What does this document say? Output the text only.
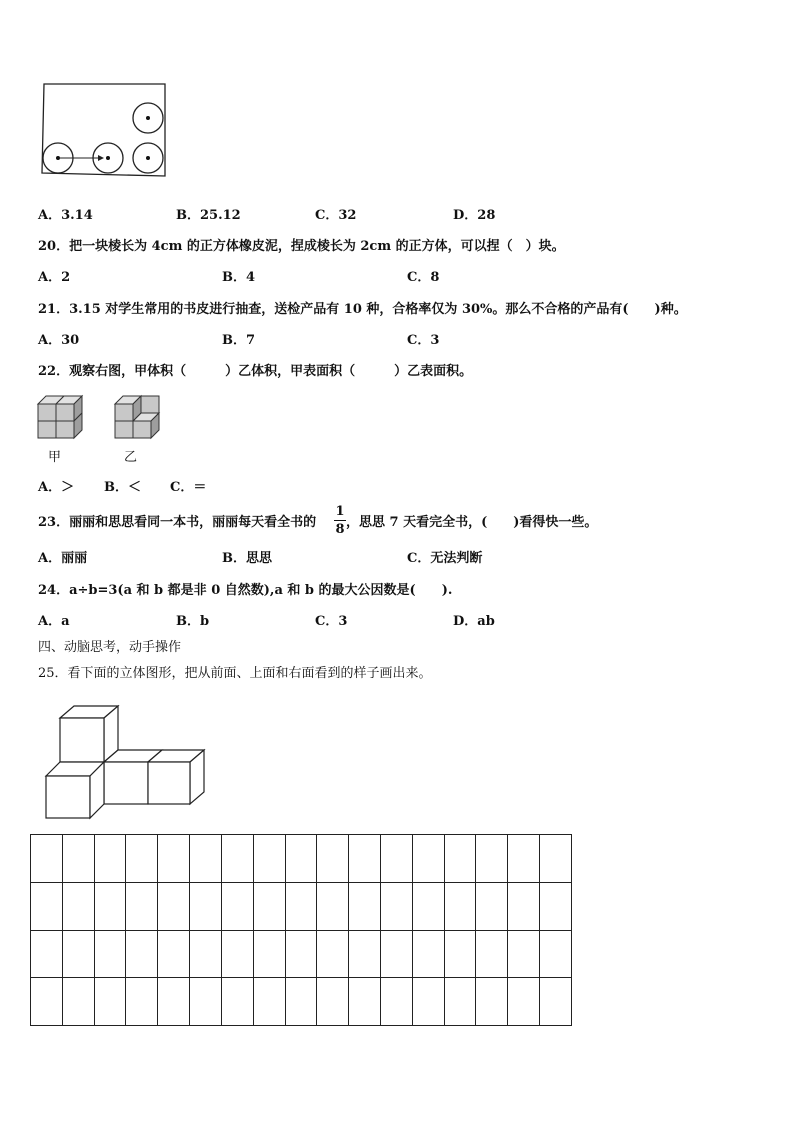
A．3.14	B．25.12	C．32	D．28
20．把一块棱长为 4cm 的正方体橡皮泥，捏成棱长为 2cm 的正方体，可以捏（　）块。
A．2	B．4	C．8
21．3.15 对学生常用的书皮进行抽查，送检产品有 10 种，合格率仅为 30%。那么不合格的产品有(　　)种。
A．30	B．7	C．3
22．观察右图，甲体积（　　　）乙体积，甲表面积（　　　）乙表面积。
甲	乙
A．＞ B．＜ C．＝
23．丽丽和思思看同一本书，丽丽每天看全书的
1
8 ，思思 7 天看完全书，(　　)看得快一些。
A．丽丽	B．思思	C．无法判断
24．a÷b=3(a 和 b 都是非 0 自然数),a 和 b 的最大公因数是(　　).
A．a	B．b	C．3	D．ab
四、动脑思考，动手操作
25．看下面的立体图形，把从前面、上面和右面看到的样子画出来。
